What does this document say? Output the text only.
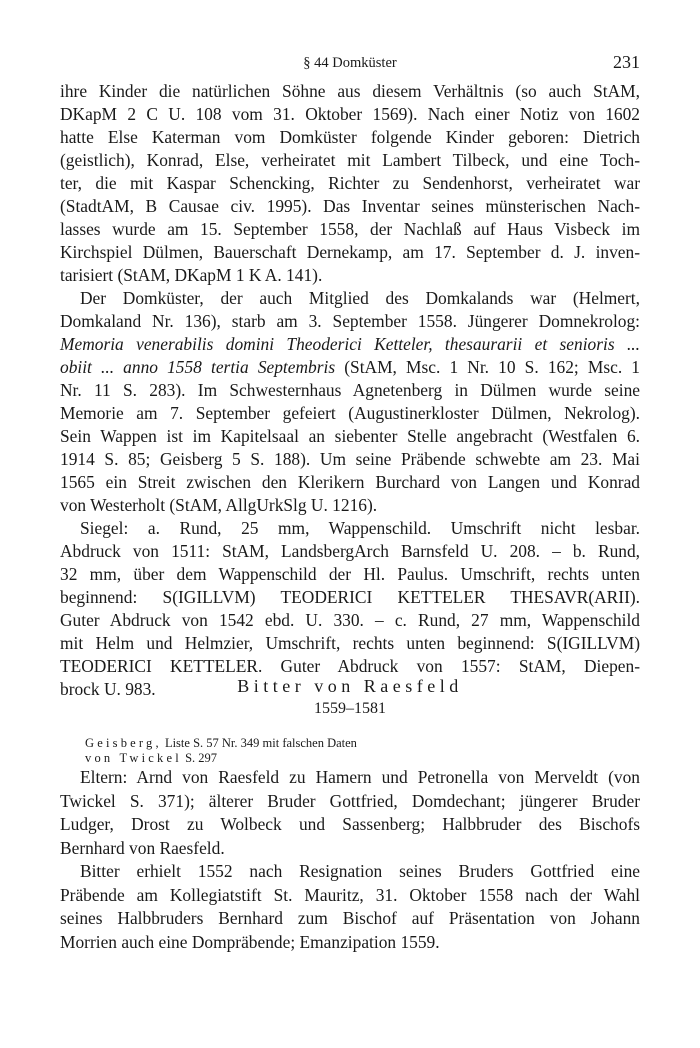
§ 44 Domküster	231
ihre Kinder die natürlichen Söhne aus diesem Verhältnis (so auch StAM,
DKapM 2 C U. 108 vom 31. Oktober 1569). Nach einer Notiz von 1602
hatte Else Katerman vom Domküster folgende Kinder geboren: Dietrich
(geistlich), Konrad, Else, verheiratet mit Lambert Tilbeck, und eine Toch-
ter, die mit Kaspar Schencking, Richter zu Sendenhorst, verheiratet war
(StadtAM, B Causae civ. 1995). Das Inventar seines münsterischen Nach-
lasses wurde am 15. September 1558, der Nachlaß auf Haus Visbeck im
Kirchspiel Dülmen, Bauerschaft Dernekamp, am 17. September d. J. inven-
tarisiert (StAM, DKapM 1 K A. 141).
Der Domküster, der auch Mitglied des Domkalands war (Helmert,
Domkaland Nr. 136), starb am 3. September 1558. Jüngerer Domnekrolog:
Memoria venerabilis domini Theoderici Ketteler, thesaurarii et senioris ...
obiit ... anno 1558 tertia Septembris (StAM, Msc. 1 Nr. 10 S. 162; Msc. 1
Nr. 11 S. 283). Im Schwesternhaus Agnetenberg in Dülmen wurde seine
Memorie am 7. September gefeiert (Augustinerkloster Dülmen, Nekrolog).
Sein Wappen ist im Kapitelsaal an siebenter Stelle angebracht (Westfalen 6.
1914 S. 85; Geisberg 5 S. 188). Um seine Präbende schwebte am 23. Mai
1565 ein Streit zwischen den Klerikern Burchard von Langen und Konrad
von Westerholt (StAM, AllgUrkSlg U. 1216).
Siegel: a. Rund, 25 mm, Wappenschild. Umschrift nicht lesbar.
Abdruck von 1511: StAM, LandsbergArch Barnsfeld U. 208. – b. Rund,
32 mm, über dem Wappenschild der Hl. Paulus. Umschrift, rechts unten
beginnend: S(IGILLVM) TEODERICI KETTELER THESAVR(ARII).
Guter Abdruck von 1542 ebd. U. 330. – c. Rund, 27 mm, Wappenschild
mit Helm und Helmzier, Umschrift, rechts unten beginnend: S(IGILLVM)
TEODERICI KETTELER. Guter Abdruck von 1557: StAM, Diepen-
brock U. 983.	Bitter von Raesfeld
1559–1581
Geisberg, Liste S. 57 Nr. 349 mit falschen Daten
von Twickel S. 297
Eltern: Arnd von Raesfeld zu Hamern und Petronella von Merveldt (von
Twickel S. 371); älterer Bruder Gottfried, Domdechant; jüngerer Bruder
Ludger, Drost zu Wolbeck und Sassenberg; Halbbruder des Bischofs
Bernhard von Raesfeld.
Bitter erhielt 1552 nach Resignation seines Bruders Gottfried eine
Präbende am Kollegiatstift St. Mauritz, 31. Oktober 1558 nach der Wahl
seines Halbbruders Bernhard zum Bischof auf Präsentation von Johann
Morrien auch eine Dompräbende; Emanzipation 1559.
